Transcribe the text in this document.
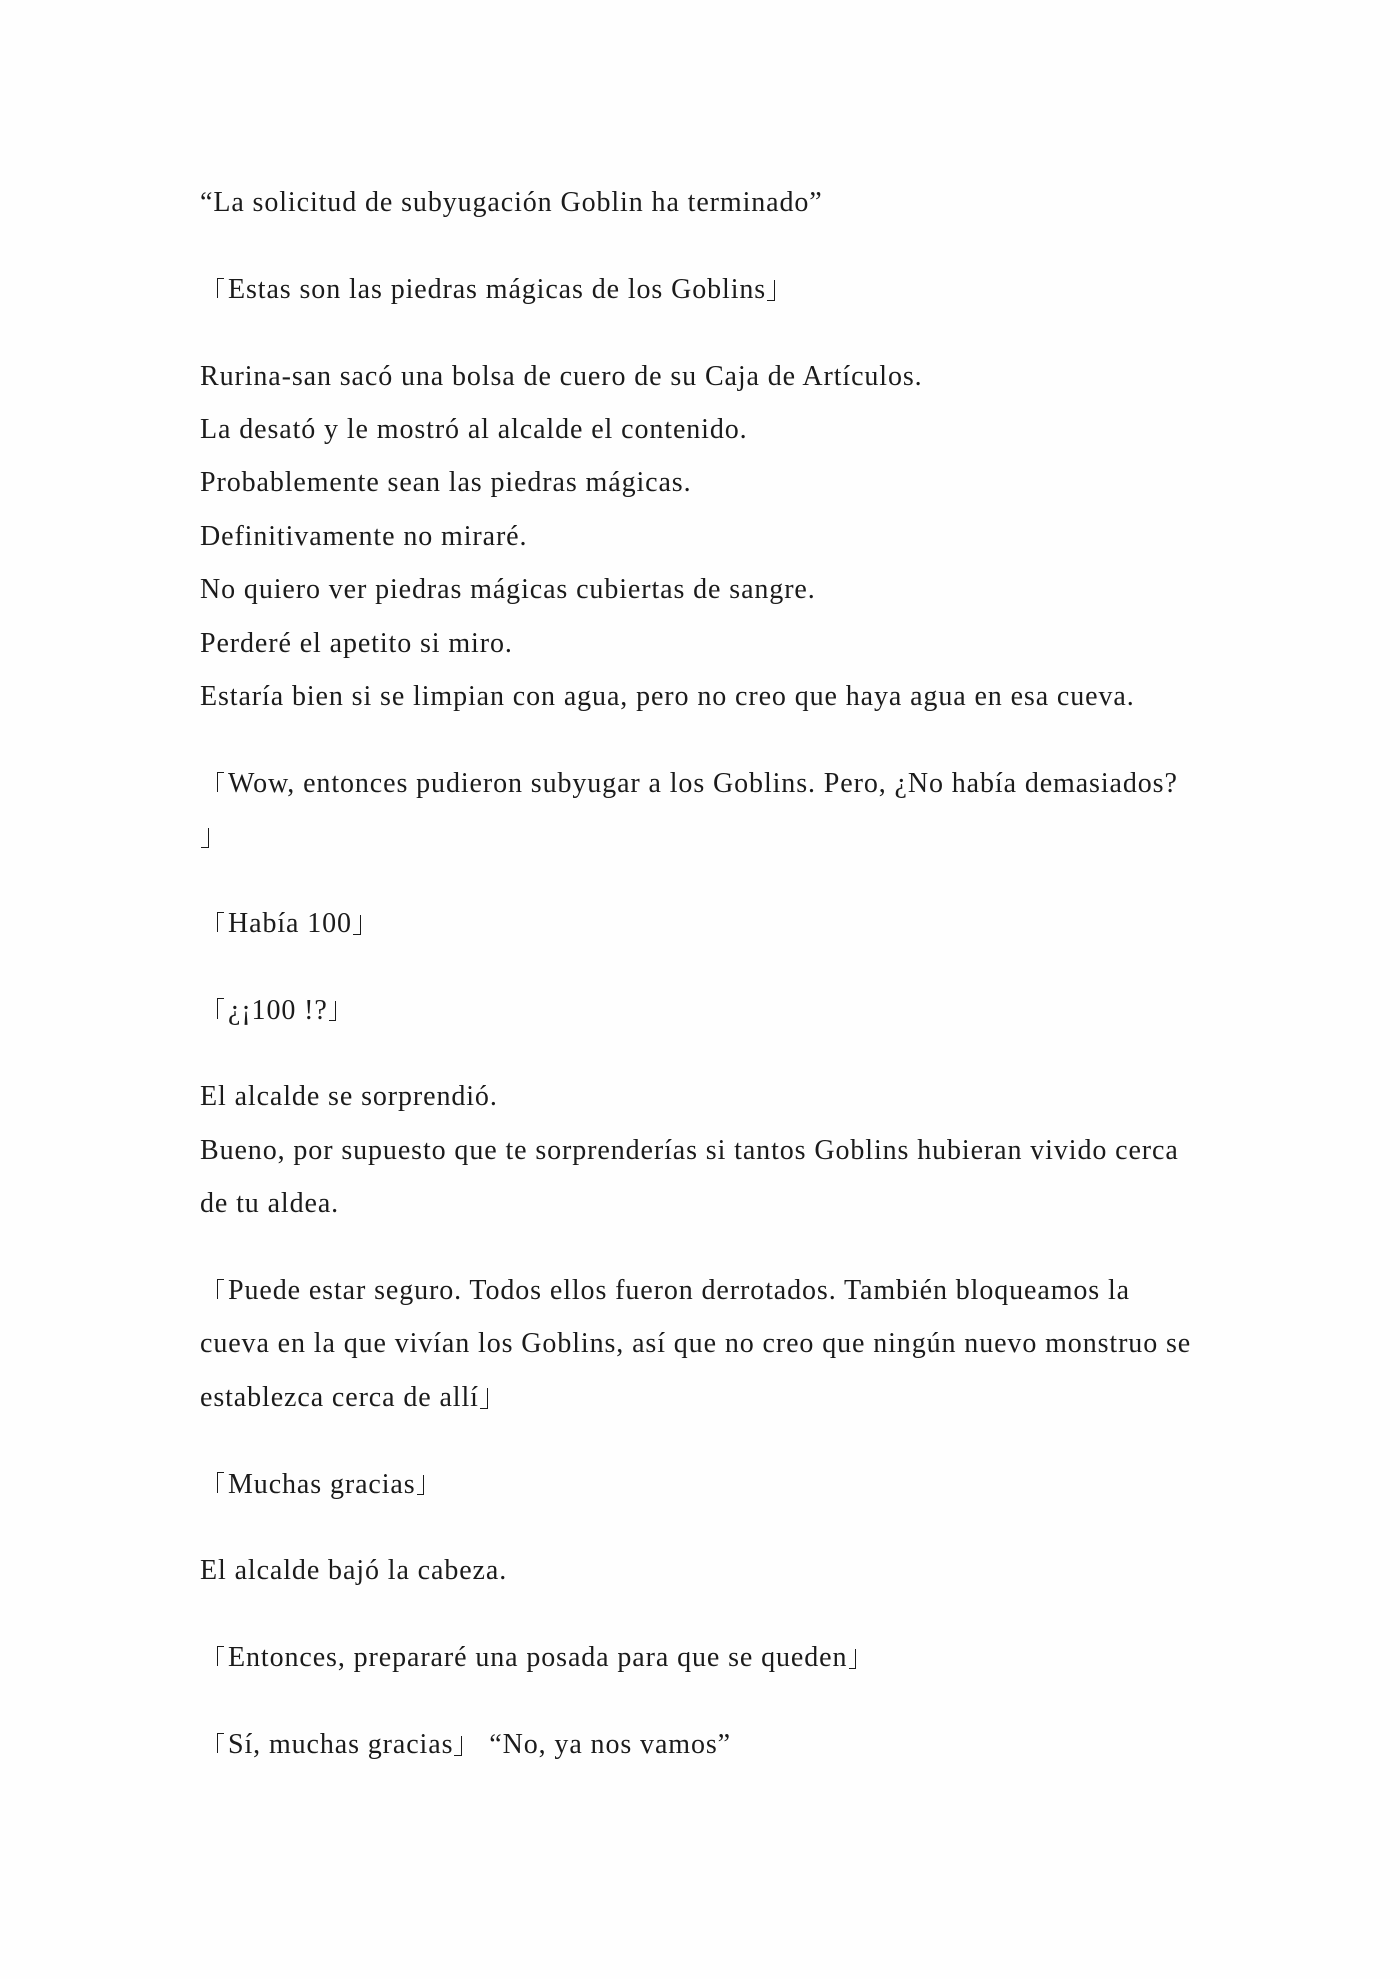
“La solicitud de subyugación Goblin ha terminado”
Estas son las piedras mágicas de los Goblins
Rurina-san sacó una bolsa de cuero de su Caja de Artículos.
La desató y le mostró al alcalde el contenido.
Probablemente sean las piedras mágicas.
Definitivamente no miraré.
No quiero ver piedras mágicas cubiertas de sangre.
Perderé el apetito si miro.
Estaría bien si se limpian con agua, pero no creo que haya agua en esa cueva.
Wow, entonces pudieron subyugar a los Goblins. Pero, ¿No había demasiados?
Había 100
¿¡100 !?
El alcalde se sorprendió.
Bueno, por supuesto que te sorprenderías si tantos Goblins hubieran vivido cerca
de tu aldea.
Puede estar seguro. Todos ellos fueron derrotados. También bloqueamos la
cueva en la que vivían los Goblins, así que no creo que ningún nuevo monstruo se
establezca cerca de allí
Muchas gracias
El alcalde bajó la cabeza.
Entonces, prepararé una posada para que se queden
Sí, muchas gracias
“No, ya nos vamos”
